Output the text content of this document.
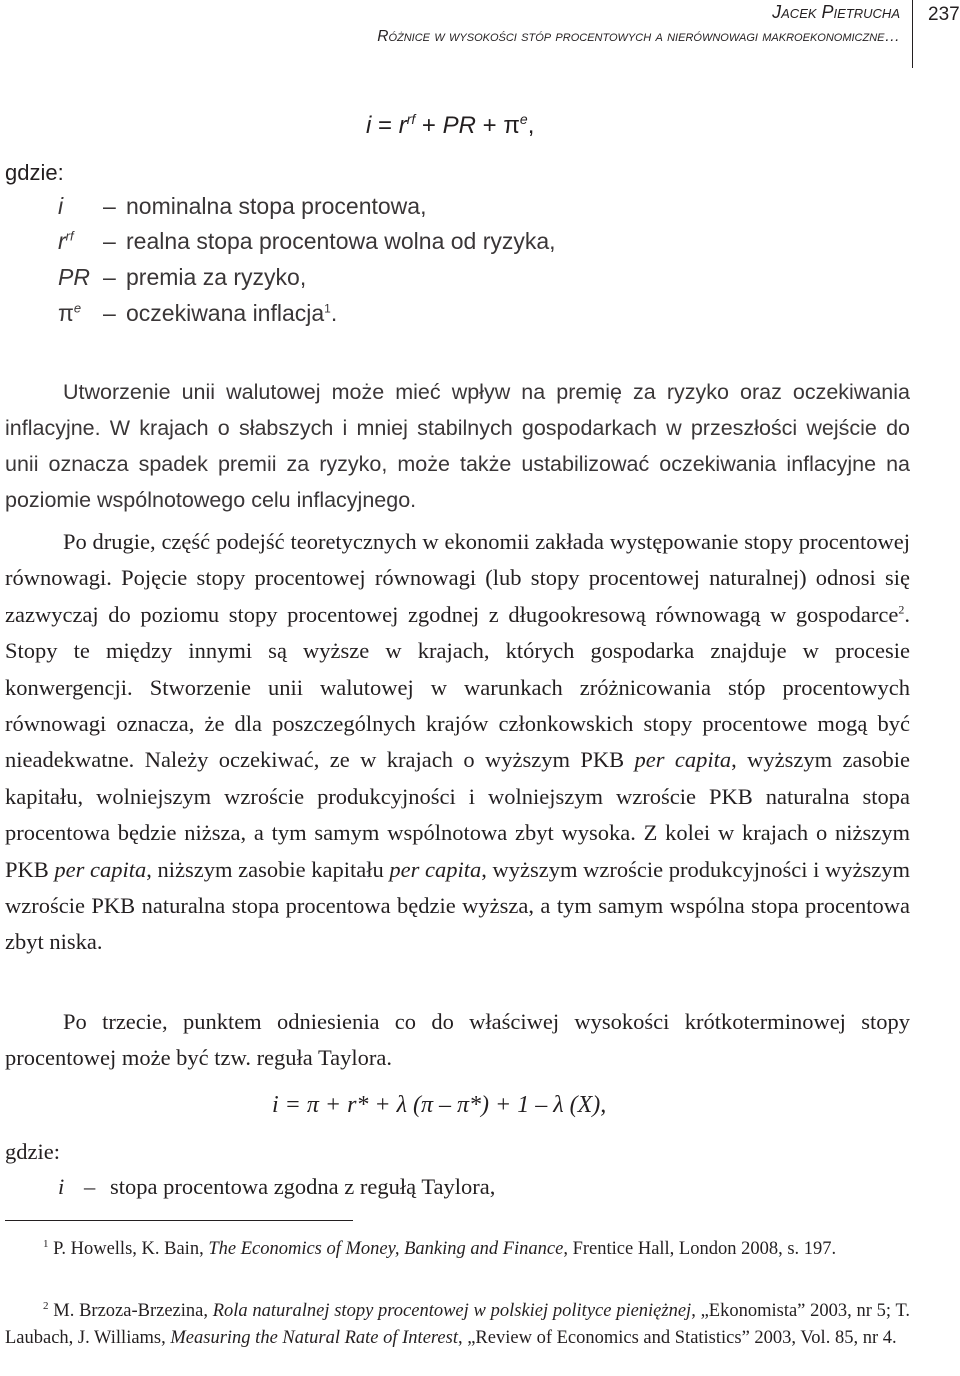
Jacek Pietrucha
Różnice w wysokości stóp procentowych a nierównowagi makroekonomiczne…
237
$i = r^{rf}$ + PR + $\pi^e$,
gdzie:
i – nominalna stopa procentowa,
$r^{rf}$ – realna stopa procentowa wolna od ryzyka,
PR – premia za ryzyko,
$\pi^e$ – oczekiwana inflacja$^1$.
Utworzenie unii walutowej może mieć wpływ na premię za ryzyko oraz oczekiwania inflacyjne. W krajach o słabszych i mniej stabilnych gospodarkach w przeszłości wejście do unii oznacza spadek premii za ryzyko, może także ustabilizować oczekiwania inflacyjne na poziomie wspólnotowego celu inflacyjnego.
Po drugie, część podejść teoretycznych w ekonomii zakłada występowanie stopy procentowej równowagi. Pojęcie stopy procentowej równowagi (lub stopy procentowej naturalnej) odnosi się zazwyczaj do poziomu stopy procentowej zgodnej z długookresową równowagą w gospodarce$^2$. Stopy te między innymi są wyższe w krajach, których gospodarka znajduje w procesie konwergencji. Stworzenie unii walutowej w warunkach zróżnicowania stóp procentowych równowagi oznacza, że dla poszczególnych krajów członkowskich stopy procentowe mogą być nieadekwatne. Należy oczekiwać, ze w krajach o wyższym PKB per capita, wyższym zasobie kapitału, wolniejszym wzroście produkcyjności i wolniejszym wzroście PKB naturalna stopa procentowa będzie niższa, a tym samym wspólnotowa zbyt wysoka. Z kolei w krajach o niższym PKB per capita, niższym zasobie kapitału per capita, wyższym wzroście produkcyjności i wyższym wzroście PKB naturalna stopa procentowa będzie wyższa, a tym samym wspólna stopa procentowa zbyt niska.
Po trzecie, punktem odniesienia co do właściwej wysokości krótkoterminowej stopy procentowej może być tzw. reguła Taylora.
i = π + r* + λ (π – π*) + 1 – λ (X),
gdzie:
i – stopa procentowa zgodna z regułą Taylora,
$^1$ P. Howells, K. Bain, The Economics of Money, Banking and Finance, Frentice Hall, London 2008, s. 197.
$^2$ M. Brzoza-Brzezina, Rola naturalnej stopy procentowej w polskiej polityce pieniężnej, „Ekonomista” 2003, nr 5; T. Laubach, J. Williams, Measuring the Natural Rate of Interest, „Review of Economics and Statistics” 2003, Vol. 85, nr 4.
